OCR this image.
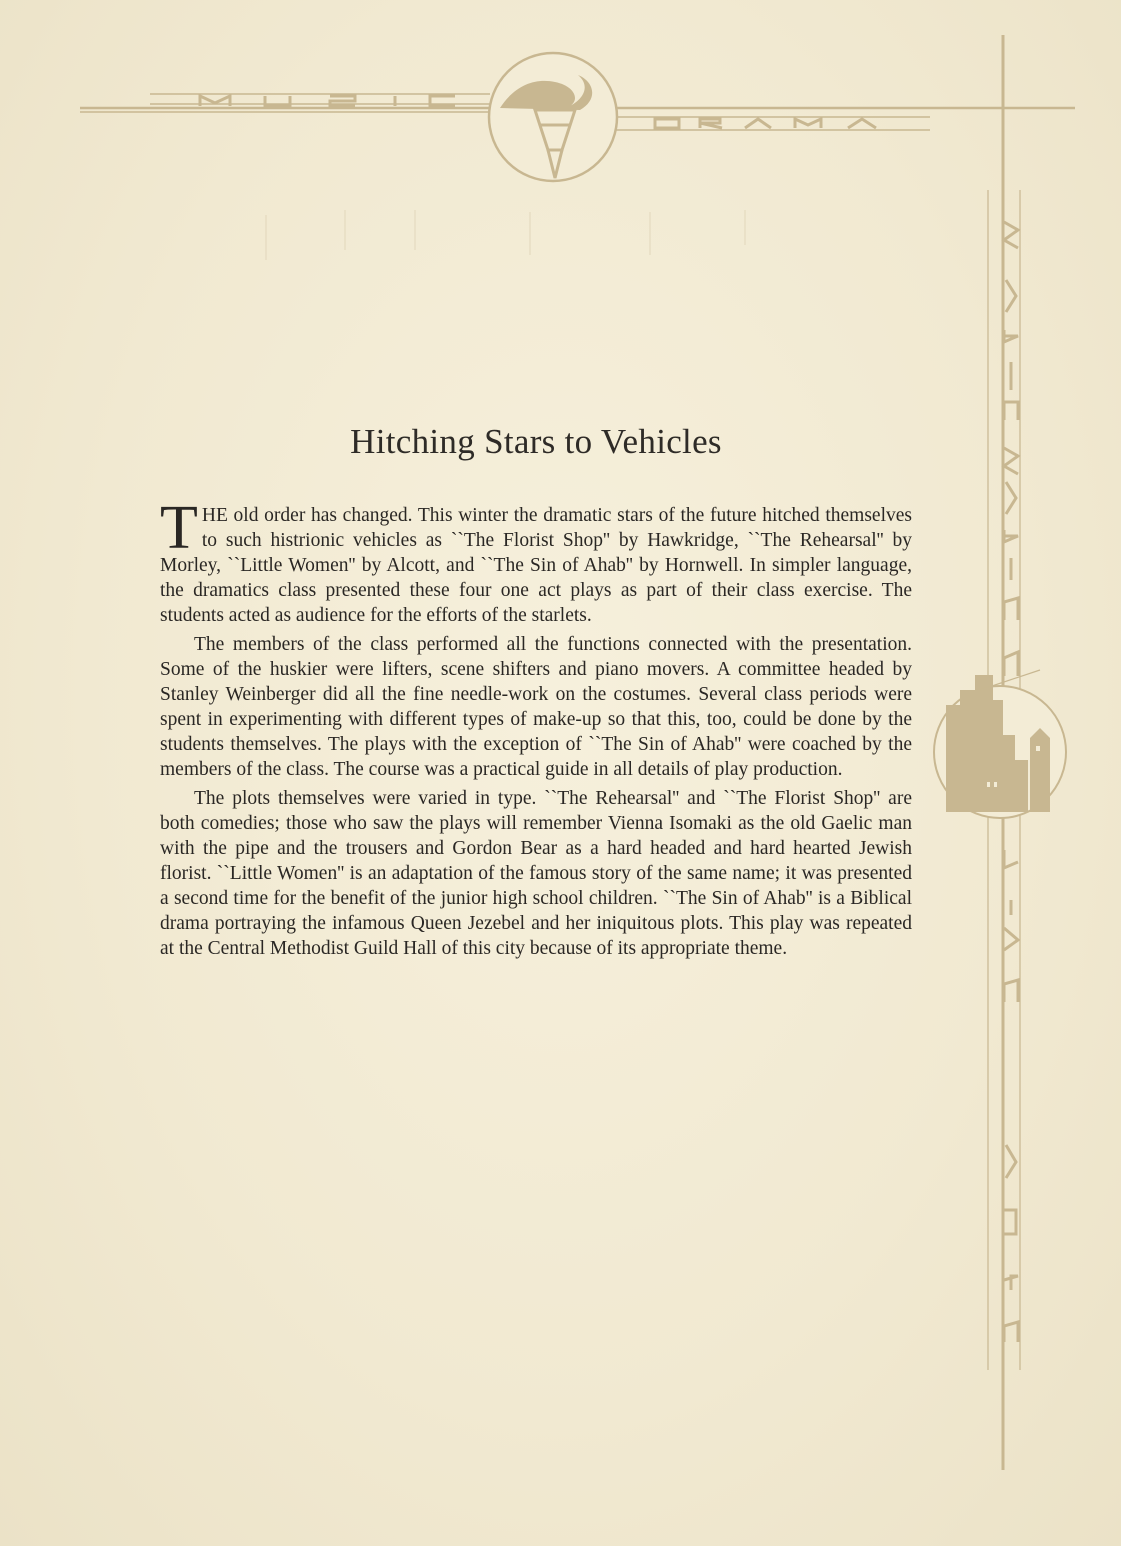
Hitching Stars to Vehicles

THE old order has changed. This winter the dramatic stars of the future hitched themselves to such histrionic vehicles as ``The Florist Shop'' by Hawkridge, ``The Rehearsal'' by Morley, ``Little Women'' by Alcott, and ``The Sin of Ahab'' by Hornwell. In simpler language, the dramatics class presented these four one act plays as part of their class exercise. The students acted as audience for the efforts of the starlets.

The members of the class performed all the functions connected with the presentation. Some of the huskier were lifters, scene shifters and piano movers. A committee headed by Stanley Weinberger did all the fine needle-work on the costumes. Several class periods were spent in experimenting with different types of make-up so that this, too, could be done by the students themselves. The plays with the exception of ``The Sin of Ahab'' were coached by the members of the class. The course was a practical guide in all details of play production.

The plots themselves were varied in type. ``The Rehearsal'' and ``The Florist Shop'' are both comedies; those who saw the plays will remember Vienna Isomaki as the old Gaelic man with the pipe and the trousers and Gordon Bear as a hard headed and hard hearted Jewish florist. ``Little Women'' is an adaptation of the famous story of the same name; it was presented a second time for the benefit of the junior high school children. ``The Sin of Ahab'' is a Biblical drama portraying the infamous Queen Jezebel and her iniquitous plots. This play was repeated at the Central Methodist Guild Hall of this city because of its appropriate theme.
